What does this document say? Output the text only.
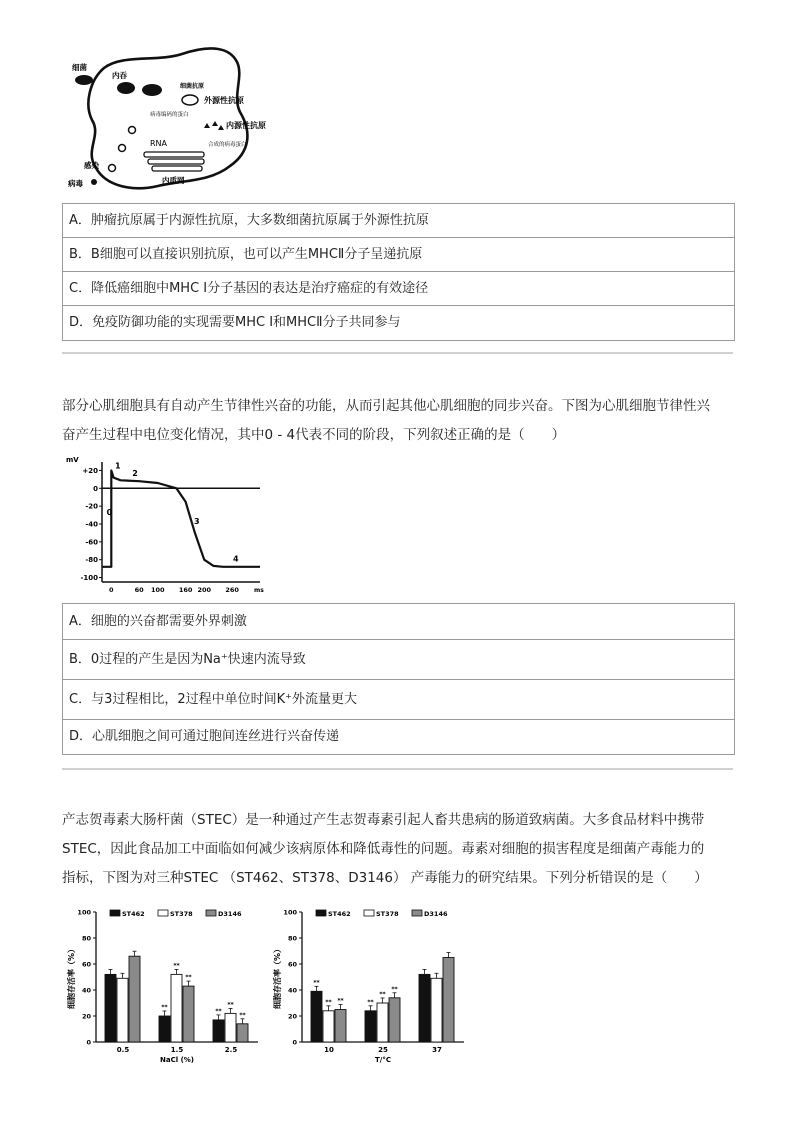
细菌
内吞
细菌抗原
外源性抗原
内源性抗原
病毒编码的蛋白
RNA	合成的病毒蛋白
内质网
感染
病毒
A．肿瘤抗原属于内源性抗原，大多数细菌抗原属于外源性抗原
B．B细胞可以直接识别抗原，也可以产生MHCⅡ分子呈递抗原
C．降低癌细胞中MHC Ⅰ分子基因的表达是治疗癌症的有效途径
D．免疫防御功能的实现需要MHC Ⅰ和MHCⅡ分子共同参与
部分心肌细胞具有自动产生节律性兴奋的功能，从而引起其他心肌细胞的同步兴奋。下图为心肌细胞节律性兴
奋产生过程中电位变化情况，其中0 - 4代表不同的阶段，下列叙述正确的是（　　）
mV
+20
0
-20
-40
-60
-80
-100
0	60 100 160 200 260	ms
0
1
2
3
4
A．细胞的兴奋都需要外界刺激
B．0过程的产生是因为Na⁺快速内流导致
C．与3过程相比，2过程中单位时间K⁺外流量更大
D．心肌细胞之间可通过胞间连丝进行兴奋传递
产志贺毒素大肠杆菌（STEC）是一种通过产生志贺毒素引起人畜共患病的肠道致病菌。大多食品材料中携带
STEC，因此食品加工中面临如何减少该病原体和降低毒性的问题。毒素对细胞的损害程度是细菌产毒能力的
指标，下图为对三种STEC （ST462、ST378、D3146） 产毒能力的研究结果。下列分析错误的是（　　）
0
20
40
60
80
100
细胞存活率（%）
ST462	ST378	D3146
0.5	1.5
**
**
**
2.5
**
**
**
NaCl (%)
0
20
40
60
80
100
细胞存活率（%）
ST462	ST378	D3146
10
**
** **
25
**
**
**
37
T/°C
